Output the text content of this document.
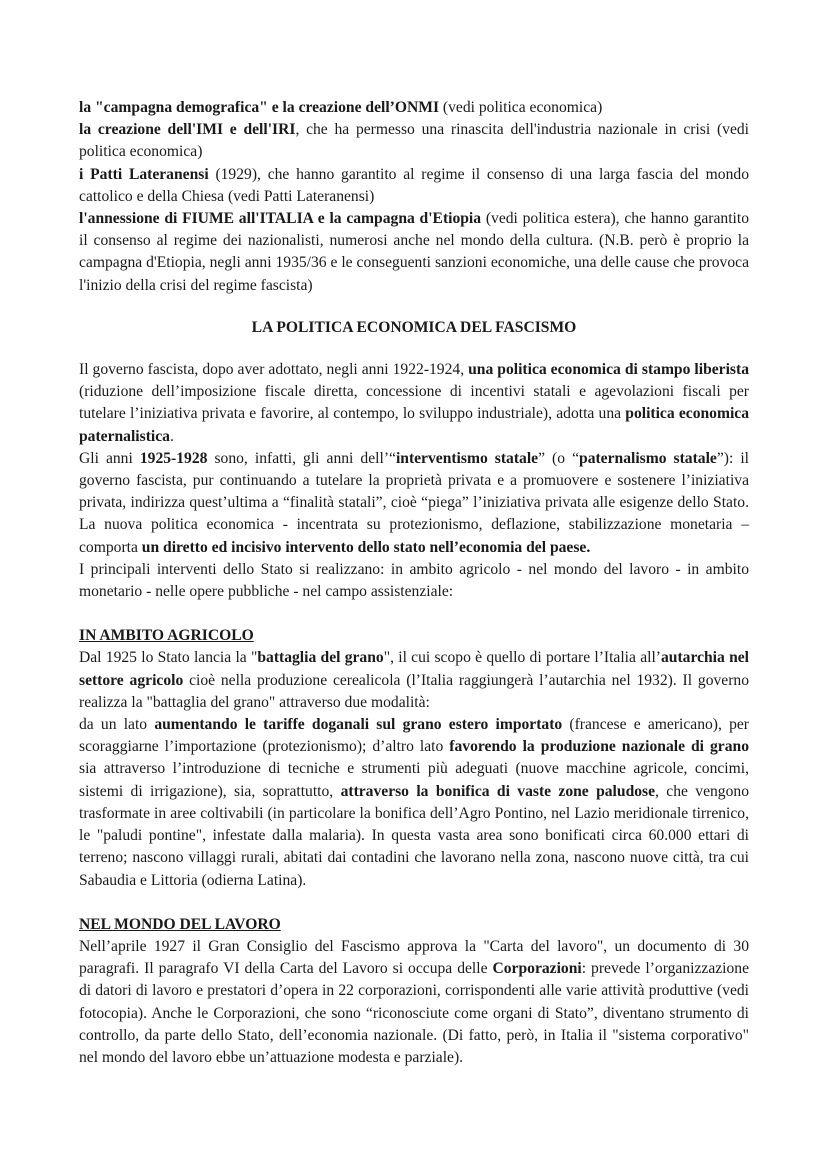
la "campagna demografica" e la creazione dell’ONMI (vedi politica economica)

la creazione dell'IMI e dell'IRI, che ha permesso una rinascita dell'industria nazionale in crisi (vedi politica economica)

i Patti Lateranensi (1929), che hanno garantito al regime il consenso di una larga fascia del mondo cattolico e della Chiesa (vedi Patti Lateranensi)

l'annessione di FIUME all'ITALIA e la campagna d'Etiopia (vedi politica estera), che hanno garantito il consenso al regime dei nazionalisti, numerosi anche nel mondo della cultura. (N.B. però è proprio la campagna d'Etiopia, negli anni 1935/36 e le conseguenti sanzioni economiche, una delle cause che provoca l'inizio della crisi del regime fascista)

LA POLITICA ECONOMICA DEL FASCISMO

Il governo fascista, dopo aver adottato, negli anni 1922-1924, una politica economica di stampo liberista (riduzione dell’imposizione fiscale diretta, concessione di incentivi statali e agevolazioni fiscali per tutelare l’iniziativa privata e favorire, al contempo, lo sviluppo industriale), adotta una politica economica paternalistica.

Gli anni 1925-1928 sono, infatti, gli anni dell’“interventismo statale” (o “paternalismo statale”): il governo fascista, pur continuando a tutelare la proprietà privata e a promuovere e sostenere l’iniziativa privata, indirizza quest’ultima a “finalità statali”, cioè “piega” l’iniziativa privata alle esigenze dello Stato. La nuova politica economica - incentrata su protezionismo, deflazione, stabilizzazione monetaria – comporta un diretto ed incisivo intervento dello stato nell’economia del paese.

I principali interventi dello Stato si realizzano: in ambito agricolo - nel mondo del lavoro - in ambito monetario - nelle opere pubbliche - nel campo assistenziale:

IN AMBITO AGRICOLO

Dal 1925 lo Stato lancia la "battaglia del grano", il cui scopo è quello di portare l’Italia all’autarchia nel settore agricolo cioè nella produzione cerealicola (l’Italia raggiungerà l’autarchia nel 1932). Il governo realizza la "battaglia del grano" attraverso due modalità:

da un lato aumentando le tariffe doganali sul grano estero importato (francese e americano), per scoraggiarne l’importazione (protezionismo); d’altro lato favorendo la produzione nazionale di grano sia attraverso l’introduzione di tecniche e strumenti più adeguati (nuove macchine agricole, concimi, sistemi di irrigazione), sia, soprattutto, attraverso la bonifica di vaste zone paludose, che vengono trasformate in aree coltivabili (in particolare la bonifica dell’Agro Pontino, nel Lazio meridionale tirrenico, le "paludi pontine", infestate dalla malaria). In questa vasta area sono bonificati circa 60.000 ettari di terreno; nascono villaggi rurali, abitati dai contadini che lavorano nella zona, nascono nuove città, tra cui Sabaudia e Littoria (odierna Latina).

NEL MONDO DEL LAVORO

Nell’aprile 1927 il Gran Consiglio del Fascismo approva la "Carta del lavoro", un documento di 30 paragrafi. Il paragrafo VI della Carta del Lavoro si occupa delle Corporazioni: prevede l’organizzazione di datori di lavoro e prestatori d’opera in 22 corporazioni, corrispondenti alle varie attività produttive (vedi fotocopia). Anche le Corporazioni, che sono “riconosciute come organi di Stato”, diventano strumento di controllo, da parte dello Stato, dell’economia nazionale. (Di fatto, però, in Italia il "sistema corporativo" nel mondo del lavoro ebbe un’attuazione modesta e parziale).
